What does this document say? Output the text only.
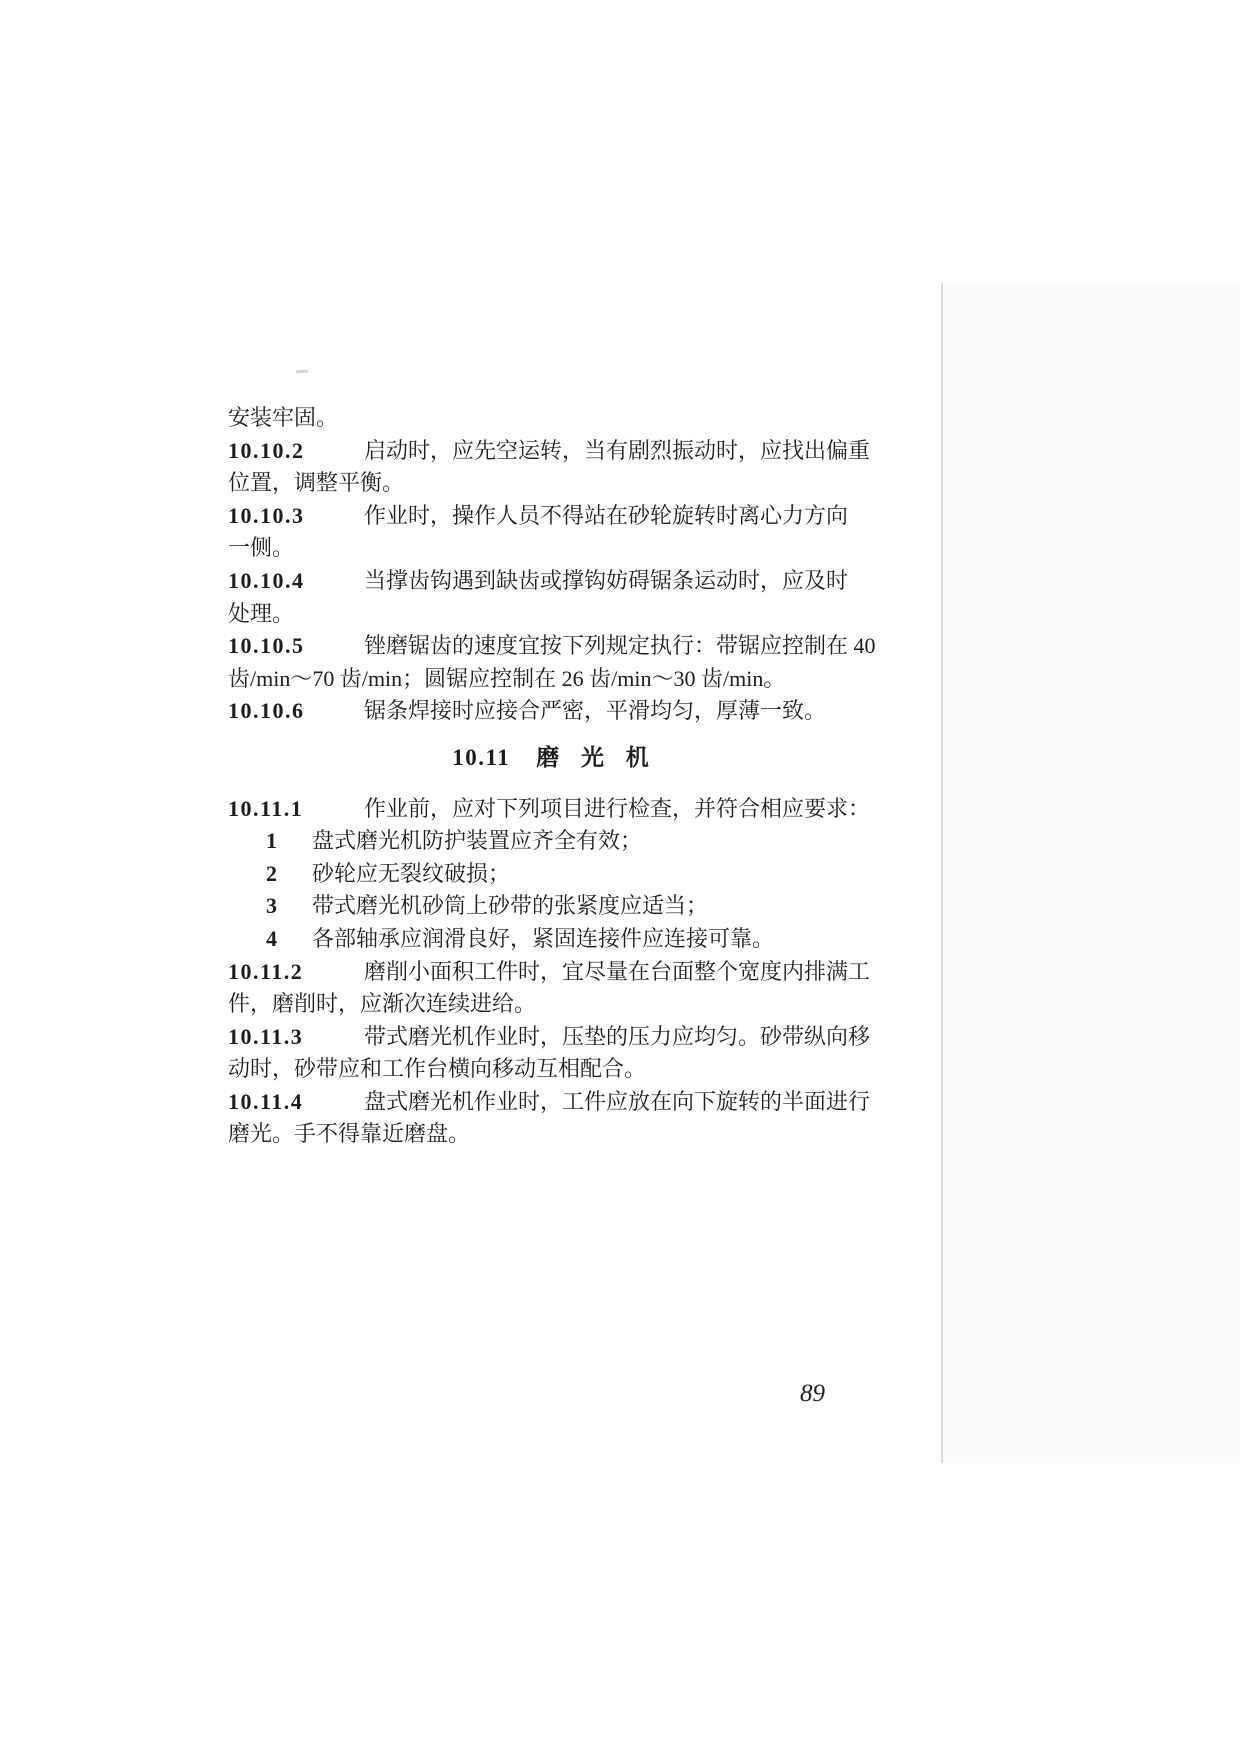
安装牢固。

10.10.2	启动时，应先空运转，当有剧烈振动时，应找出偏重

位置，调整平衡。

10.10.3	作业时，操作人员不得站在砂轮旋转时离心力方向

一侧。

10.10.4	当撑齿钩遇到缺齿或撑钩妨碍锯条运动时，应及时

处理。

10.10.5	锉磨锯齿的速度宜按下列规定执行：带锯应控制在 40

齿/min～70 齿/min；圆锯应控制在 26 齿/min～30 齿/min。

10.10.6	锯条焊接时应接合严密，平滑均匀，厚薄一致。

10.11 磨 光 机

10.11.1	作业前，应对下列项目进行检查，并符合相应要求：

1 盘式磨光机防护装置应齐全有效；

2 砂轮应无裂纹破损；

3 带式磨光机砂筒上砂带的张紧度应适当；

4 各部轴承应润滑良好，紧固连接件应连接可靠。

10.11.2	磨削小面积工件时，宜尽量在台面整个宽度内排满工

件，磨削时，应渐次连续进给。

10.11.3	带式磨光机作业时，压垫的压力应均匀。砂带纵向移

动时，砂带应和工作台横向移动互相配合。

10.11.4	盘式磨光机作业时，工件应放在向下旋转的半面进行

磨光。手不得靠近磨盘。

89
